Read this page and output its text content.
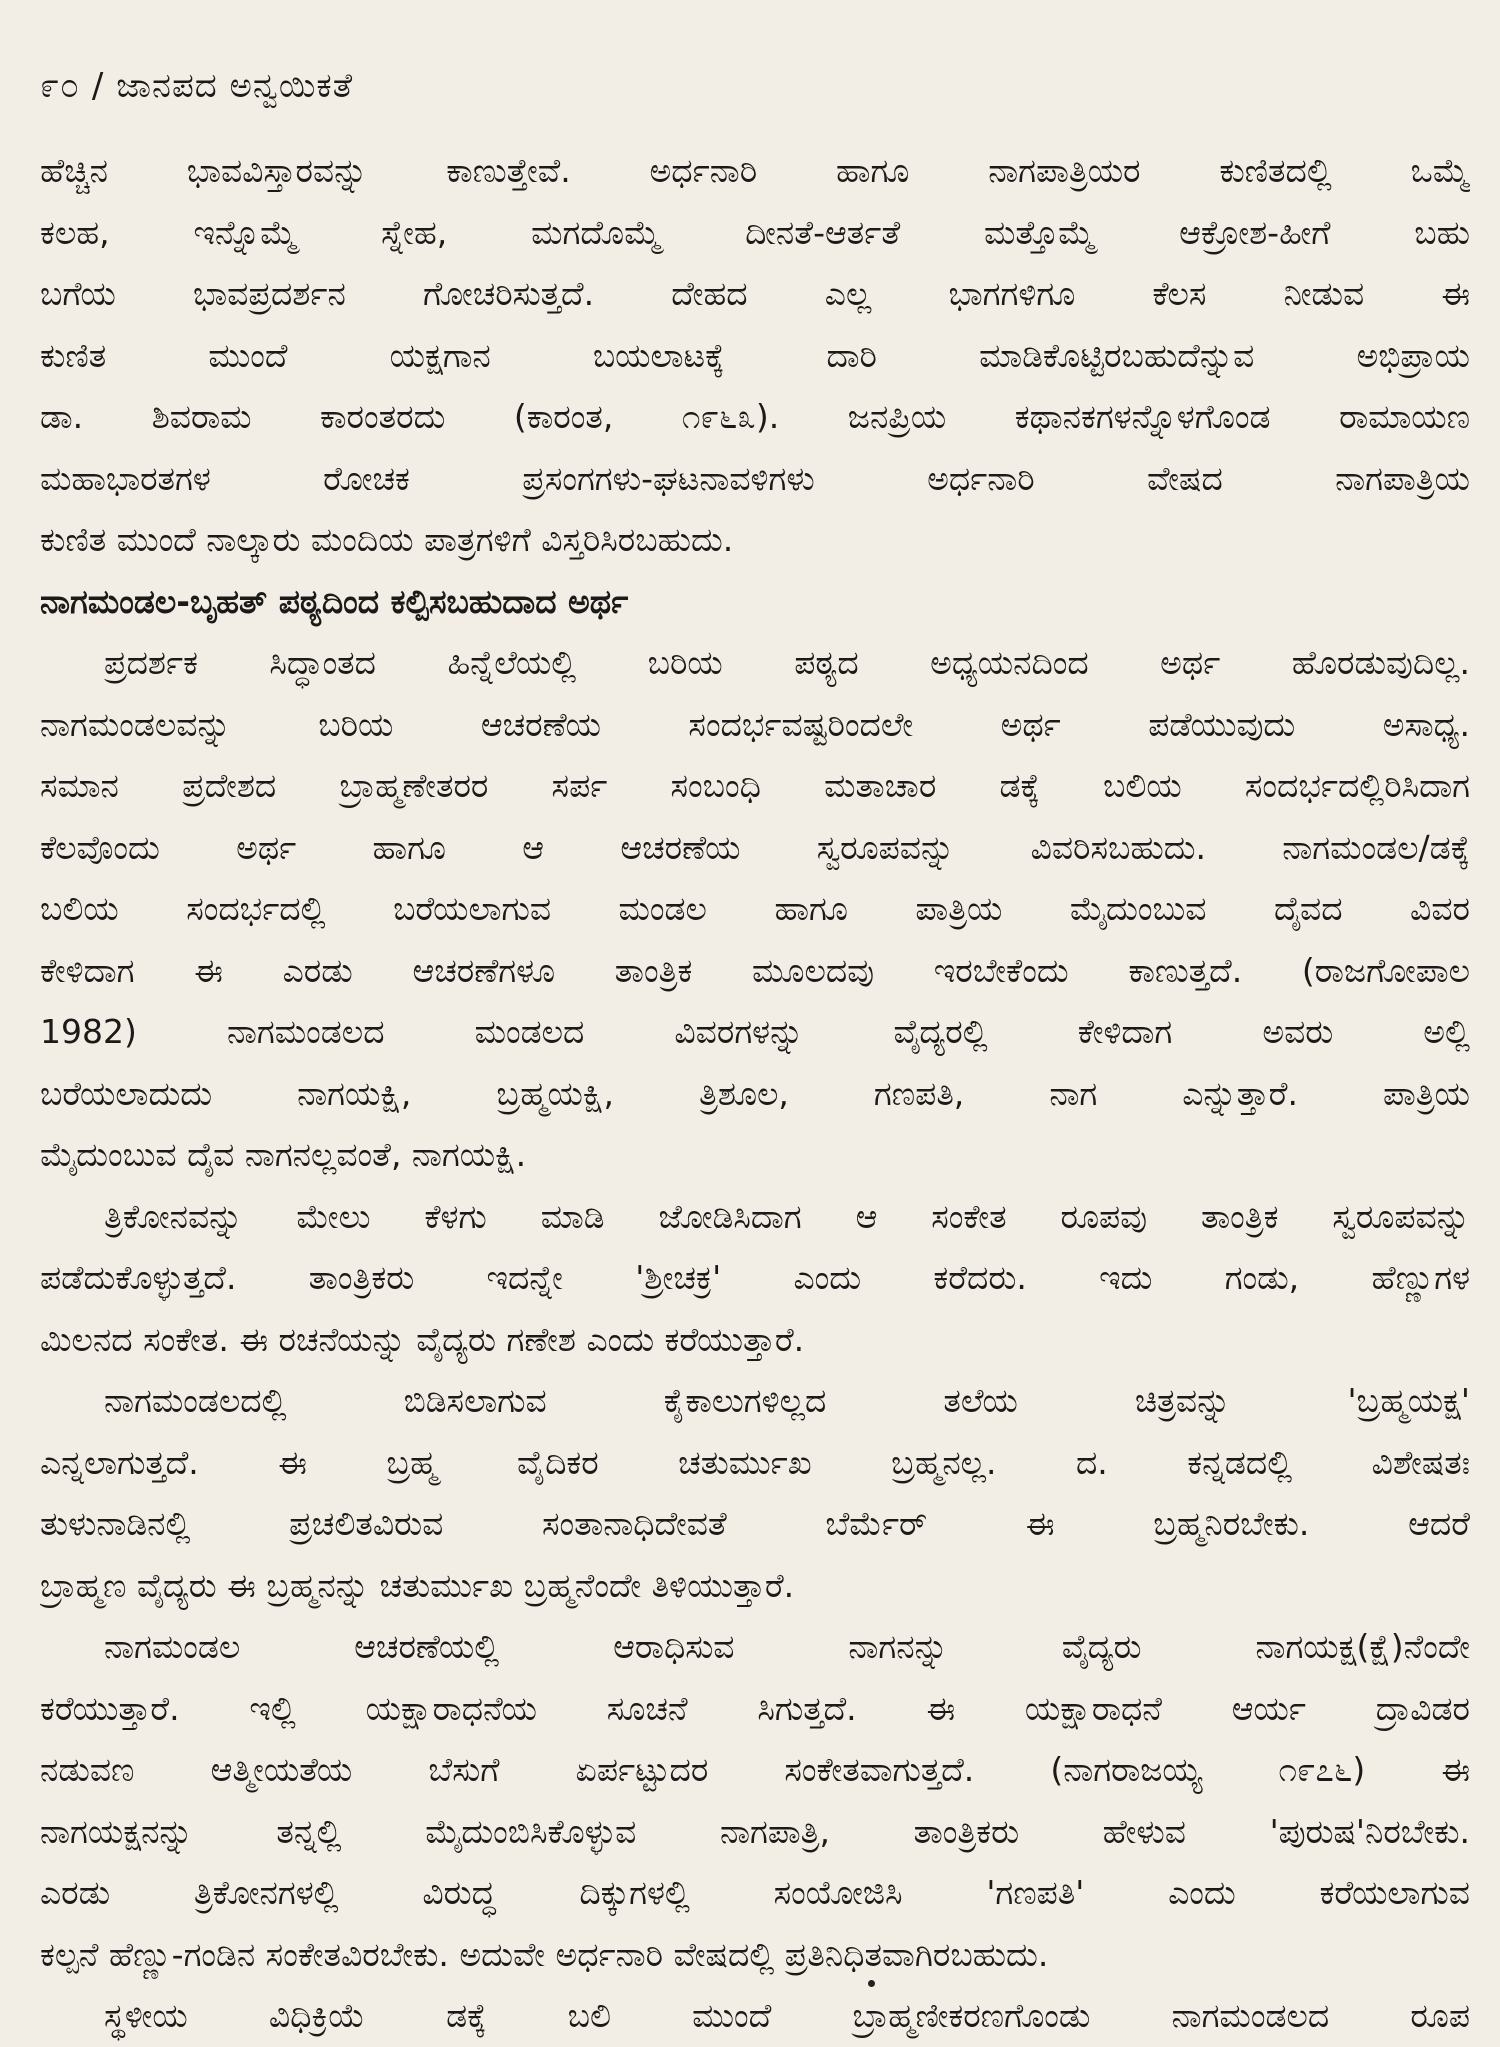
೯೦ / ಜಾನಪದ ಅನ್ವಯಿಕತೆ
ಹೆಚ್ಚಿನ ಭಾವವಿಸ್ತಾರವನ್ನು ಕಾಣುತ್ತೇವೆ. ಅರ್ಧನಾರಿ ಹಾಗೂ ನಾಗಪಾತ್ರಿಯರ ಕುಣಿತದಲ್ಲಿ ಒಮ್ಮೆ
ಕಲಹ, ಇನ್ನೊಮ್ಮೆ ಸ್ನೇಹ, ಮಗದೊಮ್ಮೆ ದೀನತೆ-ಆರ್ತತೆ ಮತ್ತೊಮ್ಮೆ ಆಕ್ರೋಶ-ಹೀಗೆ ಬಹು
ಬಗೆಯ ಭಾವಪ್ರದರ್ಶನ ಗೋಚರಿಸುತ್ತದೆ. ದೇಹದ ಎಲ್ಲ ಭಾಗಗಳಿಗೂ ಕೆಲಸ ನೀಡುವ ಈ
ಕುಣಿತ ಮುಂದೆ ಯಕ್ಷಗಾನ ಬಯಲಾಟಕ್ಕೆ ದಾರಿ ಮಾಡಿಕೊಟ್ಟಿರಬಹುದೆನ್ನುವ ಅಭಿಪ್ರಾಯ
ಡಾ. ಶಿವರಾಮ ಕಾರಂತರದು (ಕಾರಂತ, ೧೯೬೩). ಜನಪ್ರಿಯ ಕಥಾನಕಗಳನ್ನೊಳಗೊಂಡ ರಾಮಾಯಣ
ಮಹಾಭಾರತಗಳ ರೋಚಕ ಪ್ರಸಂಗಗಳು-ಘಟನಾವಳಿಗಳು ಅರ್ಧನಾರಿ ವೇಷದ ನಾಗಪಾತ್ರಿಯ
ಕುಣಿತ ಮುಂದೆ ನಾಲ್ಕಾರು ಮಂದಿಯ ಪಾತ್ರಗಳಿಗೆ ವಿಸ್ತರಿಸಿರಬಹುದು.
ನಾಗಮಂಡಲ-ಬೃಹತ್ ಪಠ್ಯದಿಂದ ಕಲ್ಪಿಸಬಹುದಾದ ಅರ್ಥ
ಪ್ರದರ್ಶಕ ಸಿದ್ಧಾಂತದ ಹಿನ್ನೆಲೆಯಲ್ಲಿ ಬರಿಯ ಪಠ್ಯದ ಅಧ್ಯಯನದಿಂದ ಅರ್ಥ ಹೊರಡುವುದಿಲ್ಲ.
ನಾಗಮಂಡಲವನ್ನು ಬರಿಯ ಆಚರಣೆಯ ಸಂದರ್ಭವಷ್ಟರಿಂದಲೇ ಅರ್ಥ ಪಡೆಯುವುದು ಅಸಾಧ್ಯ.
ಸಮಾನ ಪ್ರದೇಶದ ಬ್ರಾಹ್ಮಣೇತರರ ಸರ್ಪ ಸಂಬಂಧಿ ಮತಾಚಾರ ಡಕ್ಕೆ ಬಲಿಯ ಸಂದರ್ಭದಲ್ಲಿರಿಸಿದಾಗ
ಕೆಲವೊಂದು ಅರ್ಥ ಹಾಗೂ ಆ ಆಚರಣೆಯ ಸ್ವರೂಪವನ್ನು ವಿವರಿಸಬಹುದು. ನಾಗಮಂಡಲ/ಡಕ್ಕೆ
ಬಲಿಯ ಸಂದರ್ಭದಲ್ಲಿ ಬರೆಯಲಾಗುವ ಮಂಡಲ ಹಾಗೂ ಪಾತ್ರಿಯ ಮೈದುಂಬುವ ದೈವದ ವಿವರ
ಕೇಳಿದಾಗ ಈ ಎರಡು ಆಚರಣೆಗಳೂ ತಾಂತ್ರಿಕ ಮೂಲದವು ಇರಬೇಕೆಂದು ಕಾಣುತ್ತದೆ. (ರಾಜಗೋಪಾಲ
1982) ನಾಗಮಂಡಲದ ಮಂಡಲದ ವಿವರಗಳನ್ನು ವೈದ್ಯರಲ್ಲಿ ಕೇಳಿದಾಗ ಅವರು ಅಲ್ಲಿ
ಬರೆಯಲಾದುದು ನಾಗಯಕ್ಷಿ, ಬ್ರಹ್ಮಯಕ್ಷಿ, ತ್ರಿಶೂಲ, ಗಣಪತಿ, ನಾಗ ಎನ್ನುತ್ತಾರೆ. ಪಾತ್ರಿಯ
ಮೈದುಂಬುವ ದೈವ ನಾಗನಲ್ಲವಂತೆ, ನಾಗಯಕ್ಷಿ.
ತ್ರಿಕೋನವನ್ನು ಮೇಲು ಕೆಳಗು ಮಾಡಿ ಜೋಡಿಸಿದಾಗ ಆ ಸಂಕೇತ ರೂಪವು ತಾಂತ್ರಿಕ ಸ್ವರೂಪವನ್ನು
ಪಡೆದುಕೊಳ್ಳುತ್ತದೆ. ತಾಂತ್ರಿಕರು ಇದನ್ನೇ 'ಶ್ರೀಚಕ್ರ' ಎಂದು ಕರೆದರು. ಇದು ಗಂಡು, ಹೆಣ್ಣುಗಳ
ಮಿಲನದ ಸಂಕೇತ. ಈ ರಚನೆಯನ್ನು ವೈದ್ಯರು ಗಣೇಶ ಎಂದು ಕರೆಯುತ್ತಾರೆ.
ನಾಗಮಂಡಲದಲ್ಲಿ ಬಿಡಿಸಲಾಗುವ ಕೈಕಾಲುಗಳಿಲ್ಲದ ತಲೆಯ ಚಿತ್ರವನ್ನು 'ಬ್ರಹ್ಮಯಕ್ಷ'
ಎನ್ನಲಾಗುತ್ತದೆ. ಈ ಬ್ರಹ್ಮ ವೈದಿಕರ ಚತುರ್ಮುಖ ಬ್ರಹ್ಮನಲ್ಲ. ದ. ಕನ್ನಡದಲ್ಲಿ ವಿಶೇಷತಃ
ತುಳುನಾಡಿನಲ್ಲಿ ಪ್ರಚಲಿತವಿರುವ ಸಂತಾನಾಧಿದೇವತೆ ಬೆರ್ಮೆರ್ ಈ ಬ್ರಹ್ಮನಿರಬೇಕು. ಆದರೆ
ಬ್ರಾಹ್ಮಣ ವೈದ್ಯರು ಈ ಬ್ರಹ್ಮನನ್ನು ಚತುರ್ಮುಖ ಬ್ರಹ್ಮನೆಂದೇ ತಿಳಿಯುತ್ತಾರೆ.
ನಾಗಮಂಡಲ ಆಚರಣೆಯಲ್ಲಿ ಆರಾಧಿಸುವ ನಾಗನನ್ನು ವೈದ್ಯರು ನಾಗಯಕ್ಷ(ಕ್ಷೆ)ನೆಂದೇ
ಕರೆಯುತ್ತಾರೆ. ಇಲ್ಲಿ ಯಕ್ಷಾರಾಧನೆಯ ಸೂಚನೆ ಸಿಗುತ್ತದೆ. ಈ ಯಕ್ಷಾರಾಧನೆ ಆರ್ಯ ದ್ರಾವಿಡರ
ನಡುವಣ ಆತ್ಮೀಯತೆಯ ಬೆಸುಗೆ ಏರ್ಪಟ್ಟುದರ ಸಂಕೇತವಾಗುತ್ತದೆ. (ನಾಗರಾಜಯ್ಯ ೧೯೭೬) ಈ
ನಾಗಯಕ್ಷನನ್ನು ತನ್ನಲ್ಲಿ ಮೈದುಂಬಿಸಿಕೊಳ್ಳುವ ನಾಗಪಾತ್ರಿ, ತಾಂತ್ರಿಕರು ಹೇಳುವ 'ಪುರುಷ'ನಿರಬೇಕು.
ಎರಡು ತ್ರಿಕೋನಗಳಲ್ಲಿ ವಿರುದ್ಧ ದಿಕ್ಕುಗಳಲ್ಲಿ ಸಂಯೋಜಿಸಿ 'ಗಣಪತಿ' ಎಂದು ಕರೆಯಲಾಗುವ
ಕಲ್ಪನೆ ಹೆಣ್ಣು-ಗಂಡಿನ ಸಂಕೇತವಿರಬೇಕು. ಅದುವೇ ಅರ್ಧನಾರಿ ವೇಷದಲ್ಲಿ ಪ್ರತಿನಿಧಿತವಾಗಿರಬಹುದು.
ಸ್ಥಳೀಯ ವಿಧಿಕ್ರಿಯೆ ಡಕ್ಕೆ ಬಲಿ ಮುಂದೆ ಬ್ರಾಹ್ಮಣೀಕರಣಗೊಂಡು ನಾಗಮಂಡಲದ ರೂಪ
